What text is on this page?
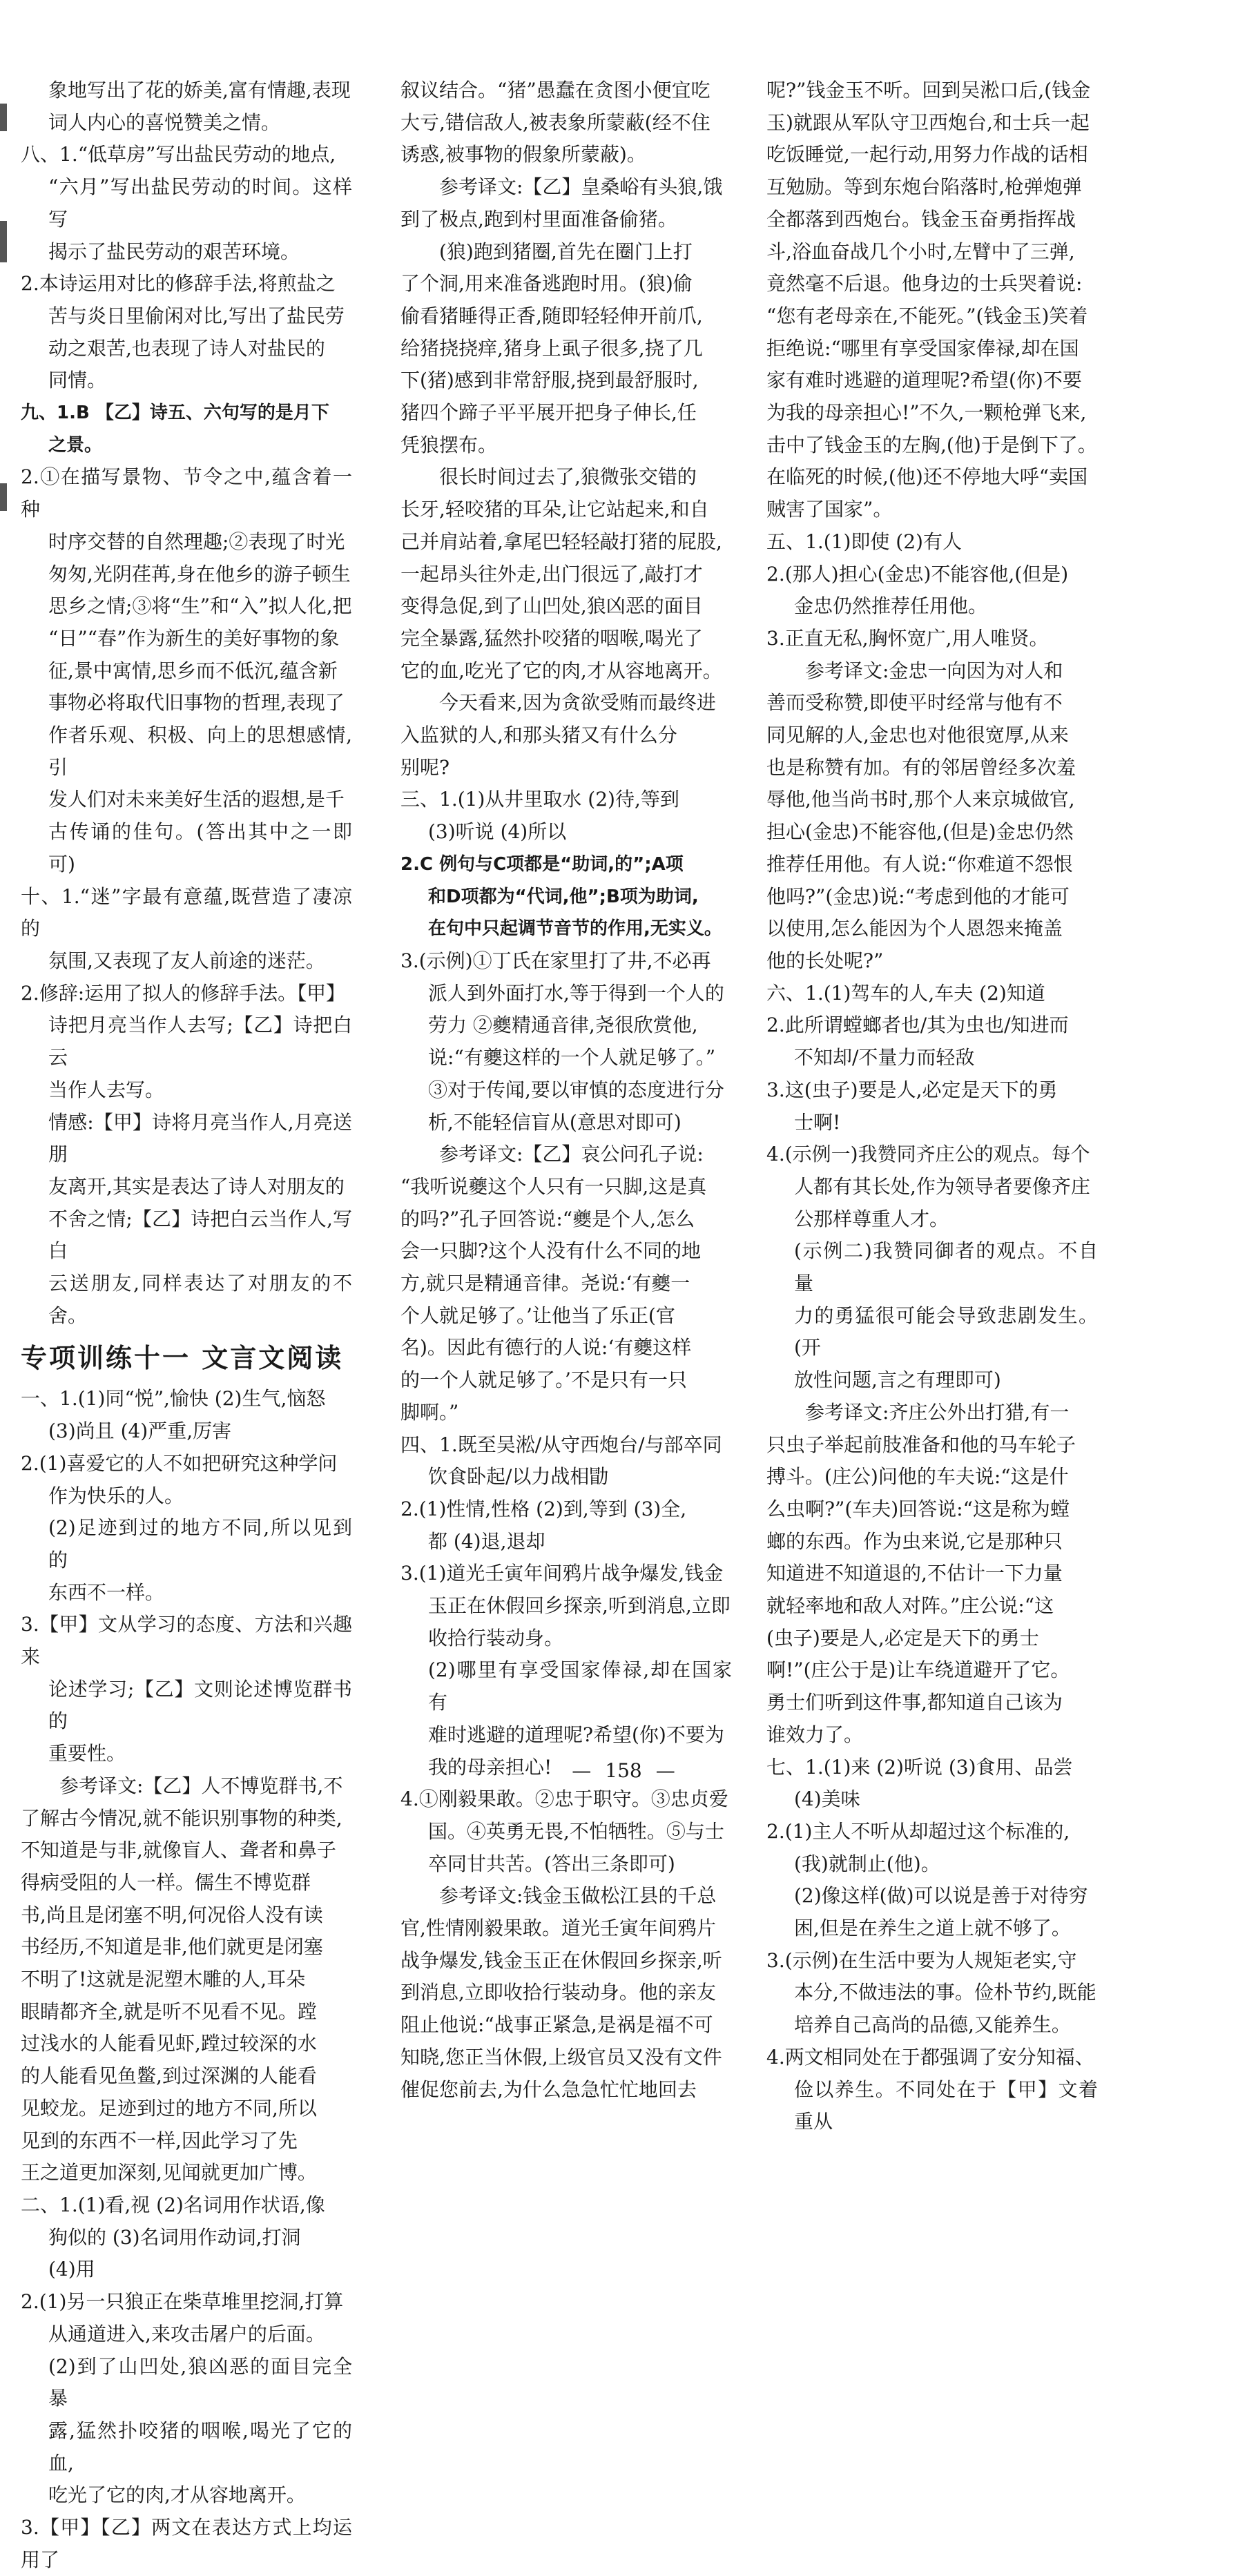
象地写出了花的娇美,富有情趣,表现

词人内心的喜悦赞美之情。

八、1.“低草房”写出盐民劳动的地点,

“六月”写出盐民劳动的时间。这样写

揭示了盐民劳动的艰苦环境。

2.本诗运用对比的修辞手法,将煎盐之

苦与炎日里偷闲对比,写出了盐民劳

动之艰苦,也表现了诗人对盐民的

同情。

九、1.B 【乙】诗五、六句写的是月下

之景。

2.①在描写景物、节令之中,蕴含着一种

时序交替的自然理趣;②表现了时光

匆匆,光阴荏苒,身在他乡的游子顿生

思乡之情;③将“生”和“入”拟人化,把

“日”“春”作为新生的美好事物的象

征,景中寓情,思乡而不低沉,蕴含新

事物必将取代旧事物的哲理,表现了

作者乐观、积极、向上的思想感情,引

发人们对未来美好生活的遐想,是千

古传诵的佳句。(答出其中之一即可)

十、1.“迷”字最有意蕴,既营造了凄凉的

氛围,又表现了友人前途的迷茫。

2.修辞:运用了拟人的修辞手法。【甲】

诗把月亮当作人去写;【乙】诗把白云

当作人去写。

情感:【甲】诗将月亮当作人,月亮送朋

友离开,其实是表达了诗人对朋友的

不舍之情;【乙】诗把白云当作人,写白

云送朋友,同样表达了对朋友的不舍。

专项训练十一 文言文阅读

一、1.(1)同“悦”,愉快 (2)生气,恼怒

(3)尚且 (4)严重,厉害

2.(1)喜爱它的人不如把研究这种学问

作为快乐的人。

(2)足迹到过的地方不同,所以见到的

东西不一样。

3.【甲】文从学习的态度、方法和兴趣来

论述学习;【乙】文则论述博览群书的

重要性。

参考译文:【乙】人不博览群书,不

了解古今情况,就不能识别事物的种类,

不知道是与非,就像盲人、聋者和鼻子

得病受阻的人一样。儒生不博览群

书,尚且是闭塞不明,何况俗人没有读

书经历,不知道是非,他们就更是闭塞

不明了!这就是泥塑木雕的人,耳朵

眼睛都齐全,就是听不见看不见。蹚

过浅水的人能看见虾,蹚过较深的水

的人能看见鱼鳖,到过深渊的人能看

见蛟龙。足迹到过的地方不同,所以

见到的东西不一样,因此学习了先

王之道更加深刻,见闻就更加广博。

二、1.(1)看,视 (2)名词用作状语,像

狗似的 (3)名词用作动词,打洞

(4)用

2.(1)另一只狼正在柴草堆里挖洞,打算

从通道进入,来攻击屠户的后面。

(2)到了山凹处,狼凶恶的面目完全暴

露,猛然扑咬猪的咽喉,喝光了它的血,

吃光了它的肉,才从容地离开。

3.【甲】【乙】两文在表达方式上均运用了

叙议结合。“猪”愚蠢在贪图小便宜吃

大亏,错信敌人,被表象所蒙蔽(经不住

诱惑,被事物的假象所蒙蔽)。

参考译文:【乙】皇桑峪有头狼,饿

到了极点,跑到村里面准备偷猪。

(狼)跑到猪圈,首先在圈门上打

了个洞,用来准备逃跑时用。(狼)偷

偷看猪睡得正香,随即轻轻伸开前爪,

给猪挠挠痒,猪身上虱子很多,挠了几

下(猪)感到非常舒服,挠到最舒服时,

猪四个蹄子平平展开把身子伸长,任

凭狼摆布。

很长时间过去了,狼微张交错的

长牙,轻咬猪的耳朵,让它站起来,和自

己并肩站着,拿尾巴轻轻敲打猪的屁股,

一起昂头往外走,出门很远了,敲打才

变得急促,到了山凹处,狼凶恶的面目

完全暴露,猛然扑咬猪的咽喉,喝光了

它的血,吃光了它的肉,才从容地离开。

今天看来,因为贪欲受贿而最终进

入监狱的人,和那头猪又有什么分

别呢?

三、1.(1)从井里取水 (2)待,等到

(3)听说 (4)所以

2.C 例句与C项都是“助词,的”;A项

和D项都为“代词,他”;B项为助词,

在句中只起调节音节的作用,无实义。

3.(示例)①丁氏在家里打了井,不必再

派人到外面打水,等于得到一个人的

劳力 ②夔精通音律,尧很欣赏他,

说:“有夔这样的一个人就足够了。”

③对于传闻,要以审慎的态度进行分

析,不能轻信盲从(意思对即可)

参考译文:【乙】哀公问孔子说:

“我听说夔这个人只有一只脚,这是真

的吗?”孔子回答说:“夔是个人,怎么

会一只脚?这个人没有什么不同的地

方,就只是精通音律。尧说:‘有夔一

个人就足够了。’让他当了乐正(官

名)。因此有德行的人说:‘有夔这样

的一个人就足够了。’不是只有一只

脚啊。”

四、1.既至吴淞/从守西炮台/与部卒同

饮食卧起/以力战相勖

2.(1)性情,性格 (2)到,等到 (3)全,

都 (4)退,退却

3.(1)道光壬寅年间鸦片战争爆发,钱金

玉正在休假回乡探亲,听到消息,立即

收拾行装动身。

(2)哪里有享受国家俸禄,却在国家有

难时逃避的道理呢?希望(你)不要为

我的母亲担心!

4.①刚毅果敢。②忠于职守。③忠贞爱

国。④英勇无畏,不怕牺牲。⑤与士

卒同甘共苦。(答出三条即可)

参考译文:钱金玉做松江县的千总

官,性情刚毅果敢。道光壬寅年间鸦片

战争爆发,钱金玉正在休假回乡探亲,听

到消息,立即收拾行装动身。他的亲友

阻止他说:“战事正紧急,是祸是福不可

知晓,您正当休假,上级官员又没有文件

催促您前去,为什么急急忙忙地回去

呢?”钱金玉不听。回到吴淞口后,(钱金

玉)就跟从军队守卫西炮台,和士兵一起

吃饭睡觉,一起行动,用努力作战的话相

互勉励。等到东炮台陷落时,枪弹炮弹

全都落到西炮台。钱金玉奋勇指挥战

斗,浴血奋战几个小时,左臂中了三弹,

竟然毫不后退。他身边的士兵哭着说:

“您有老母亲在,不能死。”(钱金玉)笑着

拒绝说:“哪里有享受国家俸禄,却在国

家有难时逃避的道理呢?希望(你)不要

为我的母亲担心!”不久,一颗枪弹飞来,

击中了钱金玉的左胸,(他)于是倒下了。

在临死的时候,(他)还不停地大呼“卖国

贼害了国家”。

五、1.(1)即使 (2)有人

2.(那人)担心(金忠)不能容他,(但是)

金忠仍然推荐任用他。

3.正直无私,胸怀宽广,用人唯贤。

参考译文:金忠一向因为对人和

善而受称赞,即使平时经常与他有不

同见解的人,金忠也对他很宽厚,从来

也是称赞有加。有的邻居曾经多次羞

辱他,他当尚书时,那个人来京城做官,

担心(金忠)不能容他,(但是)金忠仍然

推荐任用他。有人说:“你难道不怨恨

他吗?”(金忠)说:“考虑到他的才能可

以使用,怎么能因为个人恩怨来掩盖

他的长处呢?”

六、1.(1)驾车的人,车夫 (2)知道

2.此所谓螳螂者也/其为虫也/知进而

不知却/不量力而轻敌

3.这(虫子)要是人,必定是天下的勇

士啊!

4.(示例一)我赞同齐庄公的观点。每个

人都有其长处,作为领导者要像齐庄

公那样尊重人才。

(示例二)我赞同御者的观点。不自量

力的勇猛很可能会导致悲剧发生。(开

放性问题,言之有理即可)

参考译文:齐庄公外出打猎,有一

只虫子举起前肢准备和他的马车轮子

搏斗。(庄公)问他的车夫说:“这是什

么虫啊?”(车夫)回答说:“这是称为螳

螂的东西。作为虫来说,它是那种只

知道进不知道退的,不估计一下力量

就轻率地和敌人对阵。”庄公说:“这

(虫子)要是人,必定是天下的勇士

啊!”(庄公于是)让车绕道避开了它。

勇士们听到这件事,都知道自己该为

谁效力了。

七、1.(1)来 (2)听说 (3)食用、品尝

(4)美味

2.(1)主人不听从却超过这个标准的,

(我)就制止(他)。

(2)像这样(做)可以说是善于对待穷

困,但是在养生之道上就不够了。

3.(示例)在生活中要为人规矩老实,守

本分,不做违法的事。俭朴节约,既能

培养自己高尚的品德,又能养生。

4.两文相同处在于都强调了安分知福、

俭以养生。不同处在于【甲】文着重从

— 158 —
